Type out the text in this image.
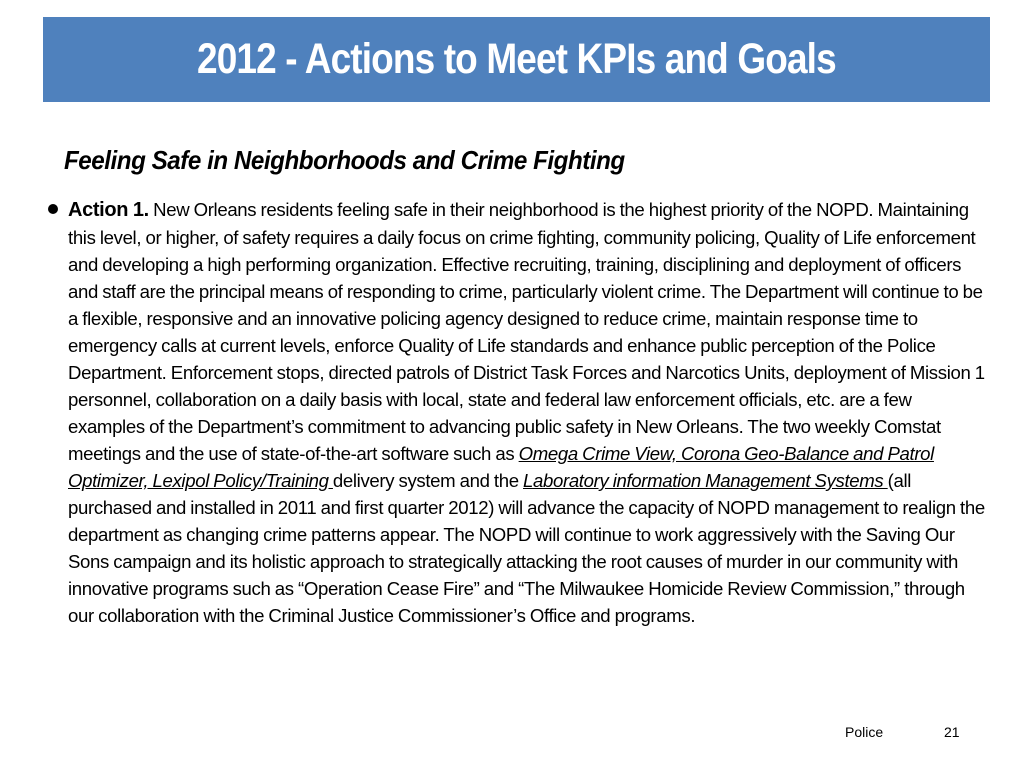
2012 - Actions to Meet KPIs and Goals
Feeling Safe in Neighborhoods and Crime Fighting
Action 1. New Orleans residents feeling safe in their neighborhood is the highest priority of the NOPD. Maintaining this level, or higher, of safety requires a daily focus on crime fighting, community policing, Quality of Life enforcement and developing a high performing organization. Effective recruiting, training, disciplining and deployment of officers and staff are the principal means of responding to crime, particularly violent crime. The Department will continue to be a flexible, responsive and an innovative policing agency designed to reduce crime, maintain response time to emergency calls at current levels, enforce Quality of Life standards and enhance public perception of the Police Department. Enforcement stops, directed patrols of District Task Forces and Narcotics Units, deployment of Mission 1 personnel, collaboration on a daily basis with local, state and federal law enforcement officials, etc. are a few examples of the Department’s commitment to advancing public safety in New Orleans. The two weekly Comstat meetings and the use of state-of-the-art software such as Omega Crime View, Corona Geo-Balance and Patrol Optimizer, Lexipol Policy/Training delivery system and the Laboratory information Management Systems (all purchased and installed in 2011 and first quarter 2012) will advance the capacity of NOPD management to realign the department as changing crime patterns appear. The NOPD will continue to work aggressively with the Saving Our Sons campaign and its holistic approach to strategically attacking the root causes of murder in our community with innovative programs such as “Operation Cease Fire” and “The Milwaukee Homicide Review Commission,” through our collaboration with the Criminal Justice Commissioner’s Office and programs.
Police	21
